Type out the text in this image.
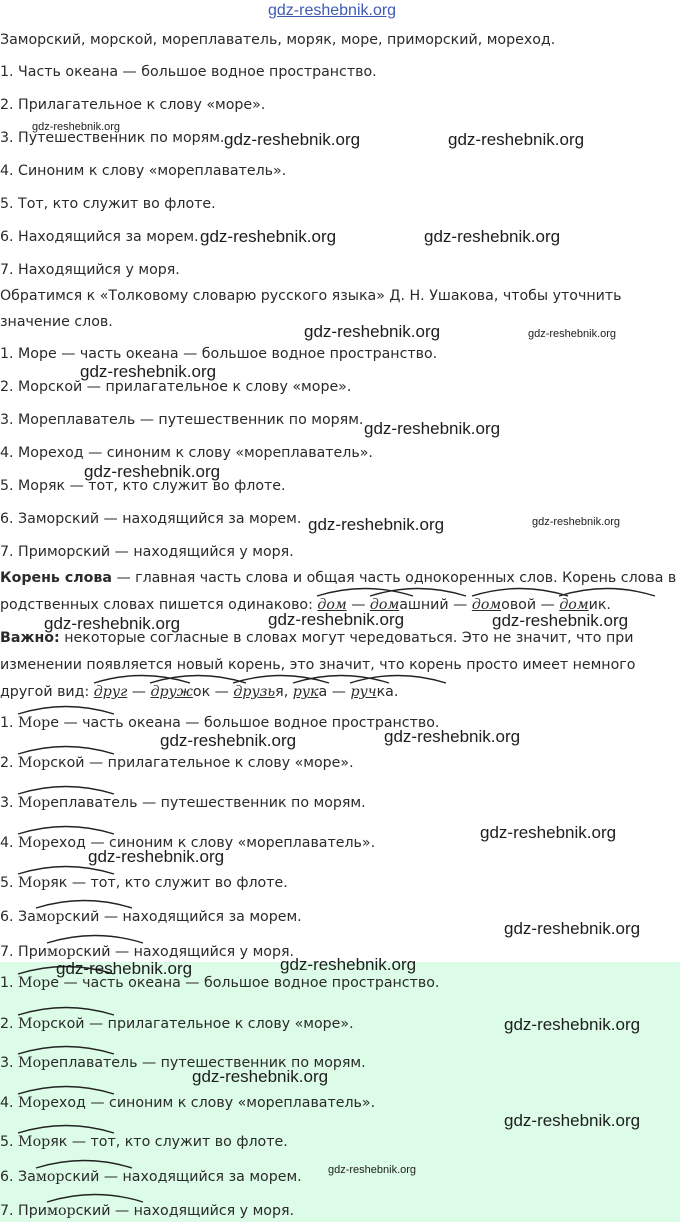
gdz-reshebnik.org
Заморский, морской, мореплаватель, моряк, море, приморский, мореход.
1. Часть океана — большое водное пространство.
2. Прилагательное к слову «море».
3. Путешественник по морям.
4. Синоним к слову «мореплаватель».
5. Тот, кто служит во флоте.
6. Находящийся за морем.
7. Находящийся у моря.
Обратимся к «Толковому словарю русского языка» Д. Н. Ушакова, чтобы уточнить
значение слов.
1. Море — часть океана — большое водное пространство.
2. Морской — прилагательное к слову «море».
3. Мореплаватель — путешественник по морям.
4. Мореход — синоним к слову «мореплаватель».
5. Моряк — тот, кто служит во флоте.
6. Заморский — находящийся за морем.
7. Приморский — находящийся у моря.
Корень слова — главная часть слова и общая часть однокоренных слов. Корень слова в
родственных словах пишется одинаково:
дом —
домашний —
домовой —
домик.
Важно: некоторые согласные в словах могут чередоваться. Это не значит, что при
изменении появляется новый корень, это значит, что корень просто имеет немного
другой вид:
друг —
дружок —
друзья, рука —
ручка.
1.
Море — часть океана — большое водное пространство.
2.
Морской — прилагательное к слову «море».
3.
Мореплаватель — путешественник по морям.
4.
Мореход — синоним к слову «мореплаватель».
5.
Моряк — тот, кто служит во флоте.
6. За
морский — находящийся за морем.
7. При
морский — находящийся у моря.
1.
Море — часть океана — большое водное пространство.
2.
Морской — прилагательное к слову «море».
3.
Мореплаватель — путешественник по морям.
4.
Мореход — синоним к слову «мореплаватель».
5.
Моряк — тот, кто служит во флоте.
6. За
морский — находящийся за морем.
7. При
морский — находящийся у моря.
gdz-reshebnik.org
gdz-reshebnik.org	gdz-reshebnik.org
gdz-reshebnik.org	gdz-reshebnik.org
gdz-reshebnik.org	gdz-reshebnik.org
gdz-reshebnik.org
gdz-reshebnik.org
gdz-reshebnik.org
gdz-reshebnik.org	gdz-reshebnik.org
gdz-reshebnik.org	gdz-reshebnik.org	gdz-reshebnik.org
gdz-reshebnik.org	gdz-reshebnik.org
gdz-reshebnik.org
gdz-reshebnik.org
gdz-reshebnik.org
gdz-reshebnik.org	gdz-reshebnik.org
gdz-reshebnik.org
gdz-reshebnik.org
gdz-reshebnik.org
gdz-reshebnik.org
